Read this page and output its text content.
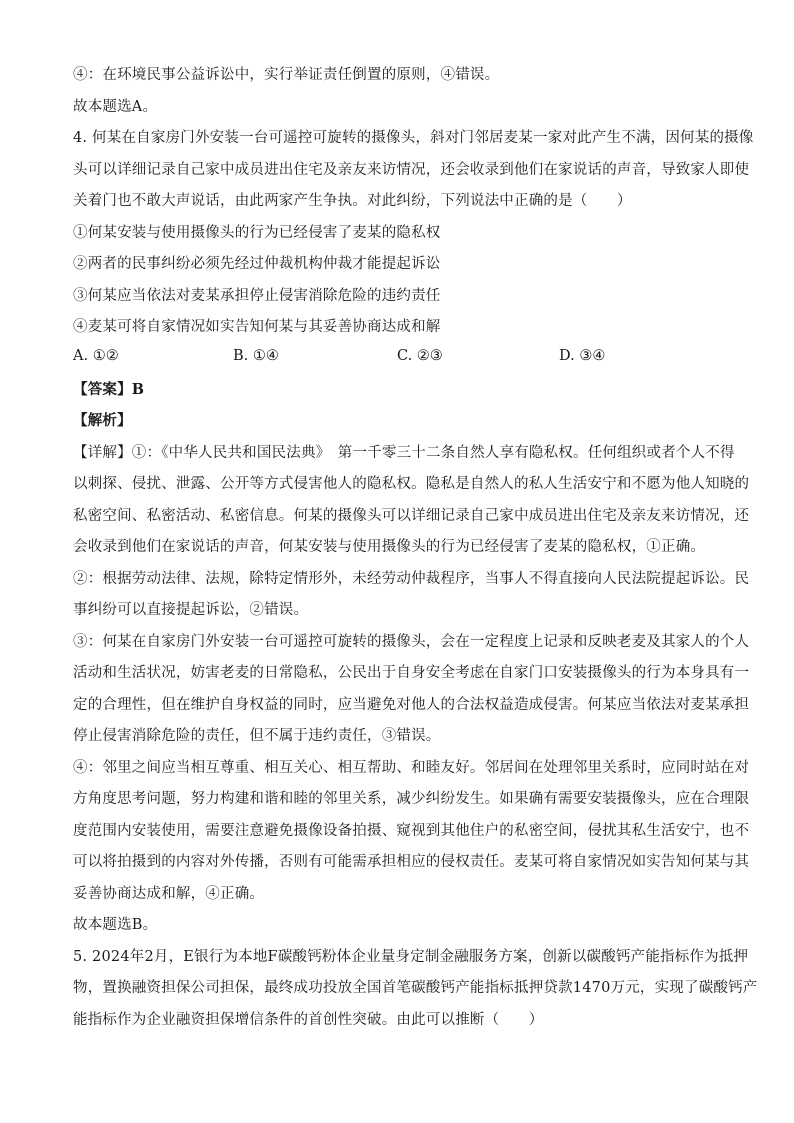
④：在环境民事公益诉讼中，实行举证责任倒置的原则，④错误。
故本题选A。
4. 何某在自家房门外安装一台可遥控可旋转的摄像头，斜对门邻居麦某一家对此产生不满，因何某的摄像
头可以详细记录自己家中成员进出住宅及亲友来访情况，还会收录到他们在家说话的声音，导致家人即使
关着门也不敢大声说话，由此两家产生争执。对此纠纷，下列说法中正确的是（　　）
①何某安装与使用摄像头的行为已经侵害了麦某的隐私权
②两者的民事纠纷必须先经过仲裁机构仲裁才能提起诉讼
③何某应当依法对麦某承担停止侵害消除危险的违约责任
④麦某可将自家情况如实告知何某与其妥善协商达成和解
A. ①②	B. ①④	C. ②③	D. ③④
【答案】B
【解析】
【详解】①：《中华人民共和国民法典》　第一千零三十二条自然人享有隐私权。任何组织或者个人不得
以刺探、侵扰、泄露、公开等方式侵害他人的隐私权。隐私是自然人的私人生活安宁和不愿为他人知晓的
私密空间、私密活动、私密信息。何某的摄像头可以详细记录自己家中成员进出住宅及亲友来访情况，还
会收录到他们在家说话的声音，何某安装与使用摄像头的行为已经侵害了麦某的隐私权，①正确。
②：根据劳动法律、法规，除特定情形外，未经劳动仲裁程序，当事人不得直接向人民法院提起诉讼。民
事纠纷可以直接提起诉讼，②错误。
③：何某在自家房门外安装一台可遥控可旋转的摄像头，会在一定程度上记录和反映老麦及其家人的个人
活动和生活状况，妨害老麦的日常隐私，公民出于自身安全考虑在自家门口安装摄像头的行为本身具有一
定的合理性，但在维护自身权益的同时，应当避免对他人的合法权益造成侵害。何某应当依法对麦某承担
停止侵害消除危险的责任，但不属于违约责任，③错误。
④：邻里之间应当相互尊重、相互关心、相互帮助、和睦友好。邻居间在处理邻里关系时，应同时站在对
方角度思考问题，努力构建和谐和睦的邻里关系，减少纠纷发生。如果确有需要安装摄像头，应在合理限
度范围内安装使用，需要注意避免摄像设备拍摄、窥视到其他住户的私密空间，侵扰其私生活安宁，也不
可以将拍摄到的内容对外传播，否则有可能需承担相应的侵权责任。麦某可将自家情况如实告知何某与其
妥善协商达成和解，④正确。
故本题选B。
5. 2024年2月，E银行为本地F碳酸钙粉体企业量身定制金融服务方案，创新以碳酸钙产能指标作为抵押
物，置换融资担保公司担保，最终成功投放全国首笔碳酸钙产能指标抵押贷款1470万元，实现了碳酸钙产
能指标作为企业融资担保增信条件的首创性突破。由此可以推断（　　）
